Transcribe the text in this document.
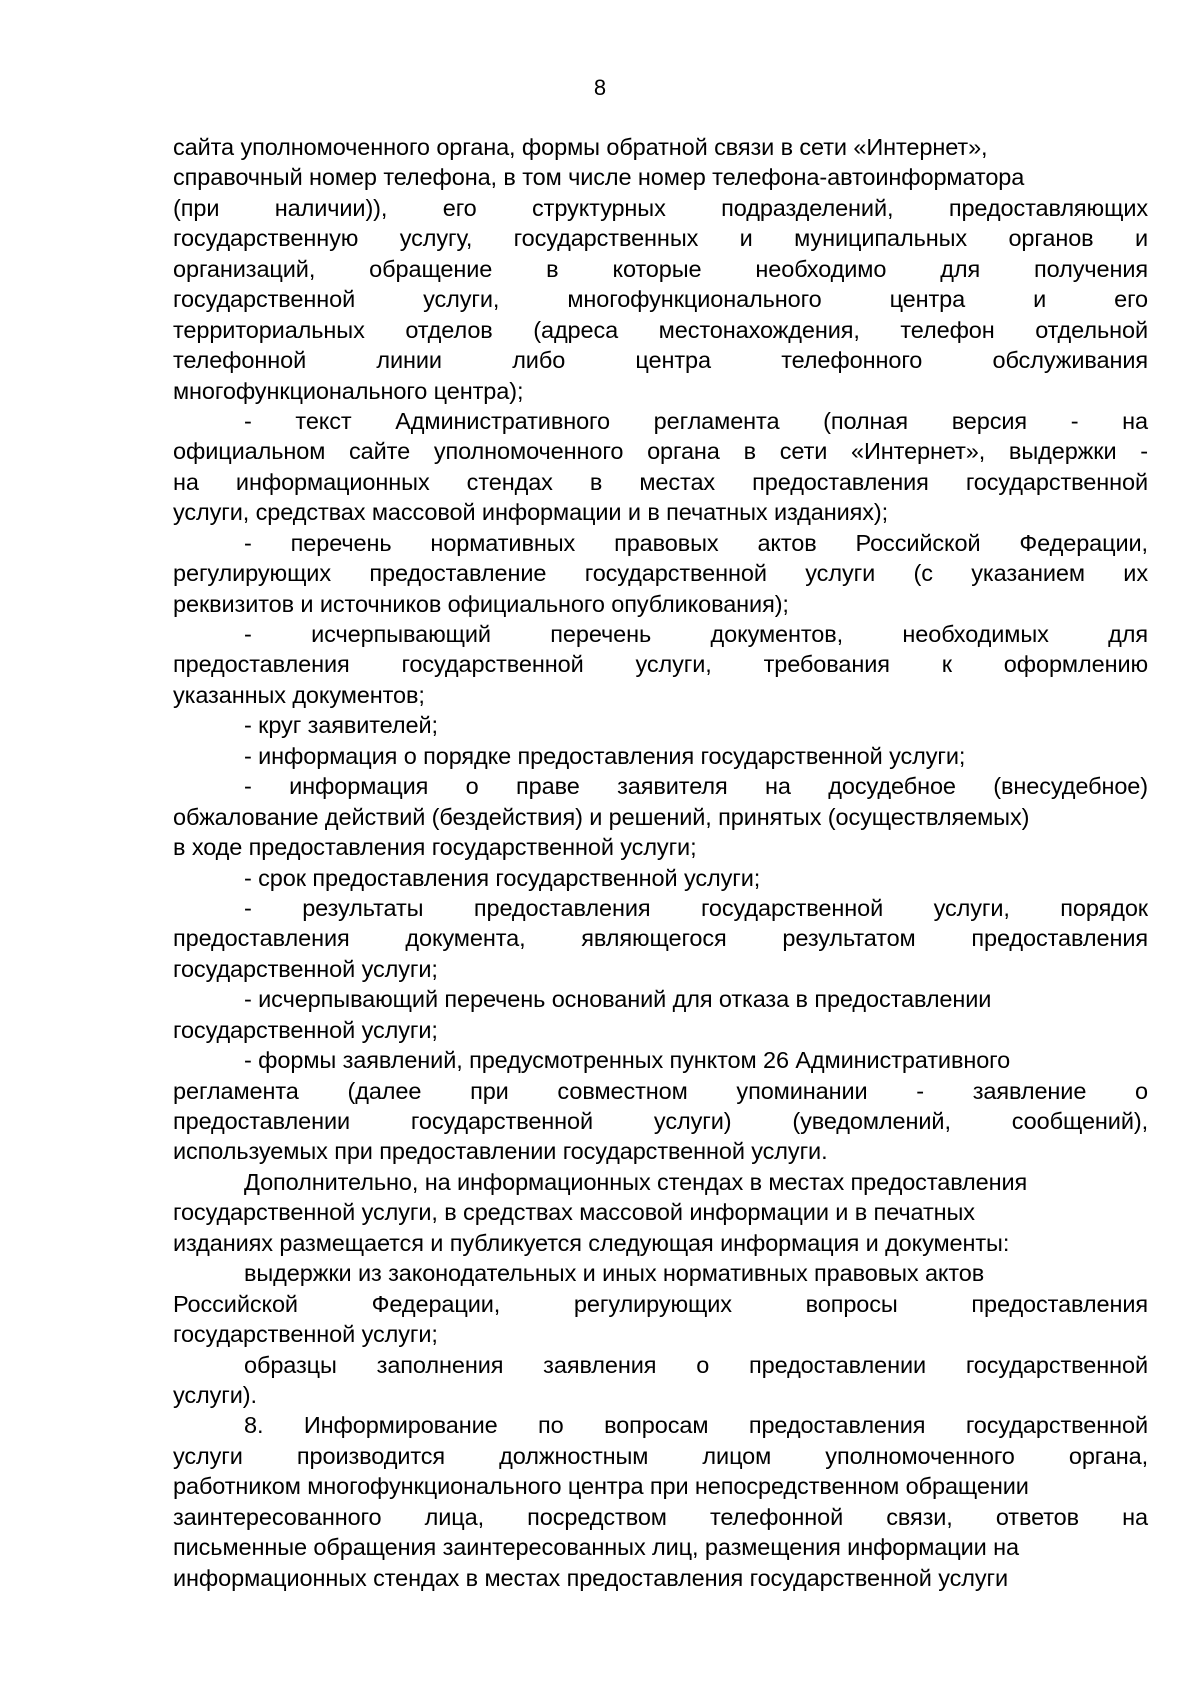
8
сайта уполномоченного органа, формы обратной связи в сети «Интернет»,
справочный номер телефона, в том числе номер телефона-автоинформатора
(при наличии)), его структурных подразделений, предоставляющих
государственную услугу, государственных и муниципальных органов и
организаций, обращение в которые необходимо для получения
государственной услуги, многофункционального центра и его
территориальных отделов (адреса местонахождения, телефон отдельной
телефонной линии либо центра телефонного обслуживания
многофункционального центра);
- текст Административного регламента (полная версия - на
официальном сайте уполномоченного органа в сети «Интернет», выдержки -
на информационных стендах в местах предоставления государственной
услуги, средствах массовой информации и в печатных изданиях);
- перечень нормативных правовых актов Российской Федерации,
регулирующих предоставление государственной услуги (с указанием их
реквизитов и источников официального опубликования);
- исчерпывающий перечень документов, необходимых для
предоставления государственной услуги, требования к оформлению
указанных документов;
- круг заявителей;
- информация о порядке предоставления государственной услуги;
- информация о праве заявителя на досудебное (внесудебное)
обжалование действий (бездействия) и решений, принятых (осуществляемых)
в ходе предоставления государственной услуги;
- срок предоставления государственной услуги;
- результаты предоставления государственной услуги, порядок
предоставления документа, являющегося результатом предоставления
государственной услуги;
- исчерпывающий перечень оснований для отказа в предоставлении
государственной услуги;
- формы заявлений, предусмотренных пунктом 26 Административного
регламента (далее при совместном упоминании - заявление о
предоставлении государственной услуги) (уведомлений, сообщений),
используемых при предоставлении государственной услуги.
Дополнительно, на информационных стендах в местах предоставления
государственной услуги, в средствах массовой информации и в печатных
изданиях размещается и публикуется следующая информация и документы:
выдержки из законодательных и иных нормативных правовых актов
Российской Федерации, регулирующих вопросы предоставления
государственной услуги;
образцы заполнения заявления о предоставлении государственной
услуги).
8. Информирование по вопросам предоставления государственной
услуги производится должностным лицом уполномоченного органа,
работником многофункционального центра при непосредственном обращении
заинтересованного лица, посредством телефонной связи, ответов на
письменные обращения заинтересованных лиц, размещения информации на
информационных стендах в местах предоставления государственной услуги
